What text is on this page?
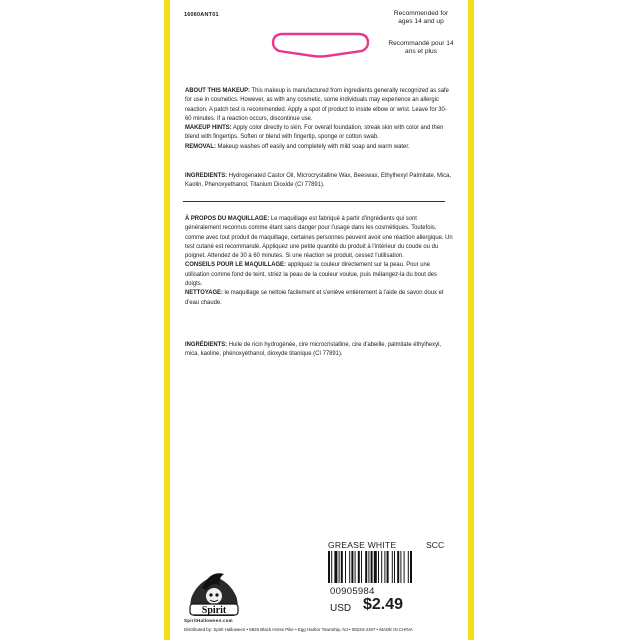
16060ANT01	Recommended for ages 14 and up
Recommandé pour 14 ans et plus

ABOUT THIS MAKEUP: This makeup is manufactured from ingredients generally recognized as safe for use in cosmetics. However, as with any cosmetic, some individuals may experience an allergic reaction. A patch test is recommended. Apply a spot of product to inside elbow or wrist. Leave for 30-60 minutes. If a reaction occurs, discontinue use.

MAKEUP HINTS: Apply color directly to skin. For overall foundation, streak skin with color and then blend with fingertips. Soften or blend with fingertip, sponge or cotton swab.

REMOVAL: Makeup washes off easily and completely with mild soap and warm water.

INGREDIENTS: Hydrogenated Castor Oil, Microcrystalline Wax, Beeswax, Ethylhexyl Palmitate, Mica, Kaolin, Phenoxyethanol, Titanium Dioxide (CI 77891).

À PROPOS DU MAQUILLAGE: Le maquillage est fabriqué à partir d'ingrédients qui sont généralement reconnus comme étant sans danger pour l'usage dans les cosmétiques. Toutefois, comme avec tout produit de maquillage, certaines personnes peuvent avoir une réaction allergique. Un test cutané est recommandé. Appliquez une petite quantité du produit à l'intérieur du coude ou du poignet. Attendez de 30 à 60 minutes. Si une réaction se produit, cessez l'utilisation.

CONSEILS POUR LE MAQUILLAGE: appliquez la couleur directement sur la peau. Pour une utilisation comme fond de teint, striez la peau de la couleur voulue, puis mélangez-la du bout des doigts.

NETTOYAGE: le maquillage se nettoie facilement et s'enlève entièrement à l'aide de savon doux et d'eau chaude.

INGRÉDIENTS: Huile de ricin hydrogénée, cire microcristalline, cire d'abeille, palmitate éthylhexyl, mica, kaoline, phénoxyéthanol, dioxyde titanique (CI 77891).

GREASE WHITE	SCC
00905984
USD $2.49
Spirit
SpiritHalloween.com
Distributed by: Spirit Halloween • 6826 Black Horse Pike • Egg Harbor Township, NJ • 08234-4197 • MADE IN CHINA
